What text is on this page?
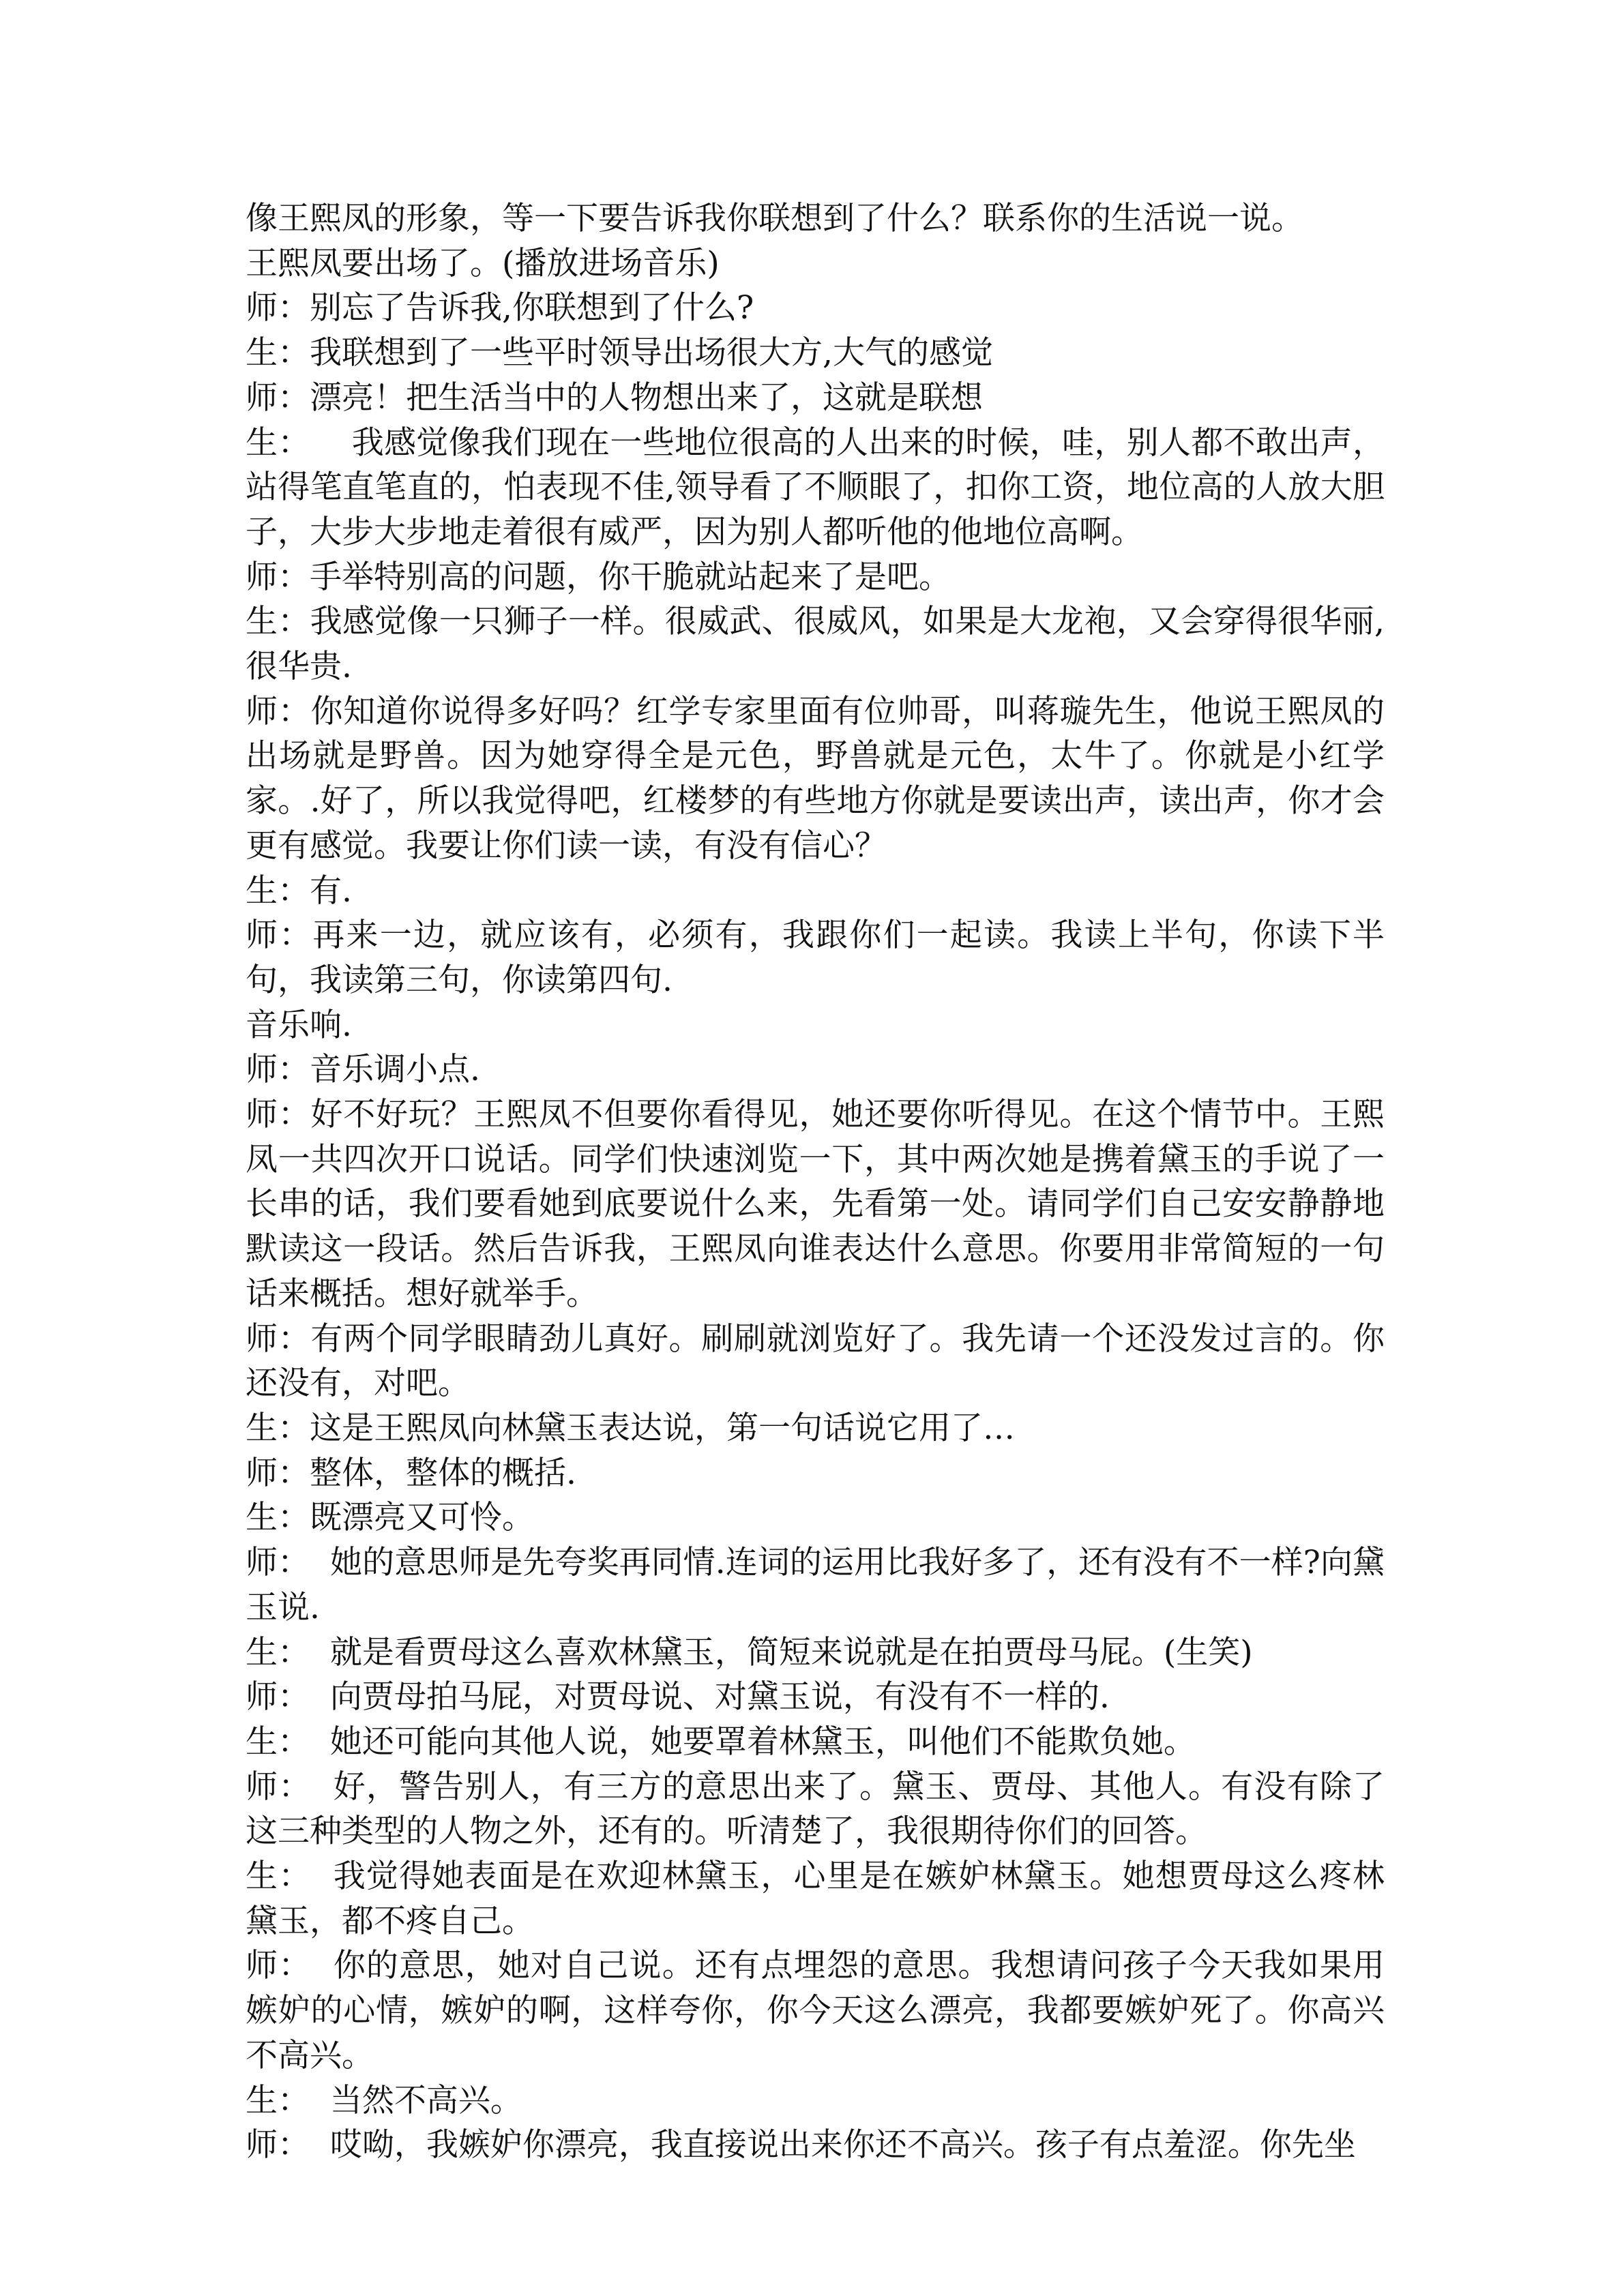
像王熙凤的形象，等一下要告诉我你联想到了什么？联系你的生活说一说。

王熙凤要出场了。(播放进场音乐)

师：别忘了告诉我,你联想到了什么?

生：我联想到了一些平时领导出场很大方,大气的感觉

师：漂亮！把生活当中的人物想出来了，这就是联想

生：    我感觉像我们现在一些地位很高的人出来的时候，哇，别人都不敢出声，站得笔直笔直的，怕表现不佳,领导看了不顺眼了，扣你工资，地位高的人放大胆子，大步大步地走着很有威严，因为别人都听他的他地位高啊。

师：手举特别高的问题，你干脆就站起来了是吧。

生：我感觉像一只狮子一样。很威武、很威风，如果是大龙袍，又会穿得很华丽,很华贵.

师：你知道你说得多好吗？红学专家里面有位帅哥，叫蒋璇先生，他说王熙凤的出场就是野兽。因为她穿得全是元色，野兽就是元色，太牛了。你就是小红学家。.好了，所以我觉得吧，红楼梦的有些地方你就是要读出声，读出声，你才会更有感觉。我要让你们读一读，有没有信心？

生：有.

师：再来一边，就应该有，必须有，我跟你们一起读。我读上半句，你读下半句，我读第三句，你读第四句.

音乐响.

师：音乐调小点.

师：好不好玩？王熙凤不但要你看得见，她还要你听得见。在这个情节中。王熙凤一共四次开口说话。同学们快速浏览一下，其中两次她是携着黛玉的手说了一长串的话，我们要看她到底要说什么来，先看第一处。请同学们自己安安静静地默读这一段话。然后告诉我，王熙凤向谁表达什么意思。你要用非常简短的一句话来概括。想好就举手。

师：有两个同学眼睛劲儿真好。刷刷就浏览好了。我先请一个还没发过言的。你还没有，对吧。

生：这是王熙凤向林黛玉表达说，第一句话说它用了…

师：整体，整体的概括.

生：既漂亮又可怜。

师：  她的意思师是先夸奖再同情.连词的运用比我好多了，还有没有不一样?向黛玉说.

生：  就是看贾母这么喜欢林黛玉，简短来说就是在拍贾母马屁。(生笑)

师：  向贾母拍马屁，对贾母说、对黛玉说，有没有不一样的.

生：  她还可能向其他人说，她要罩着林黛玉，叫他们不能欺负她。

师：  好，警告别人，有三方的意思出来了。黛玉、贾母、其他人。有没有除了这三种类型的人物之外，还有的。听清楚了，我很期待你们的回答。

生：  我觉得她表面是在欢迎林黛玉，心里是在嫉妒林黛玉。她想贾母这么疼林黛玉，都不疼自己。

师：  你的意思，她对自己说。还有点埋怨的意思。我想请问孩子今天我如果用嫉妒的心情，嫉妒的啊，这样夸你，你今天这么漂亮，我都要嫉妒死了。你高兴不高兴。

生：  当然不高兴。

师：  哎呦，我嫉妒你漂亮，我直接说出来你还不高兴。孩子有点羞涩。你先坐
